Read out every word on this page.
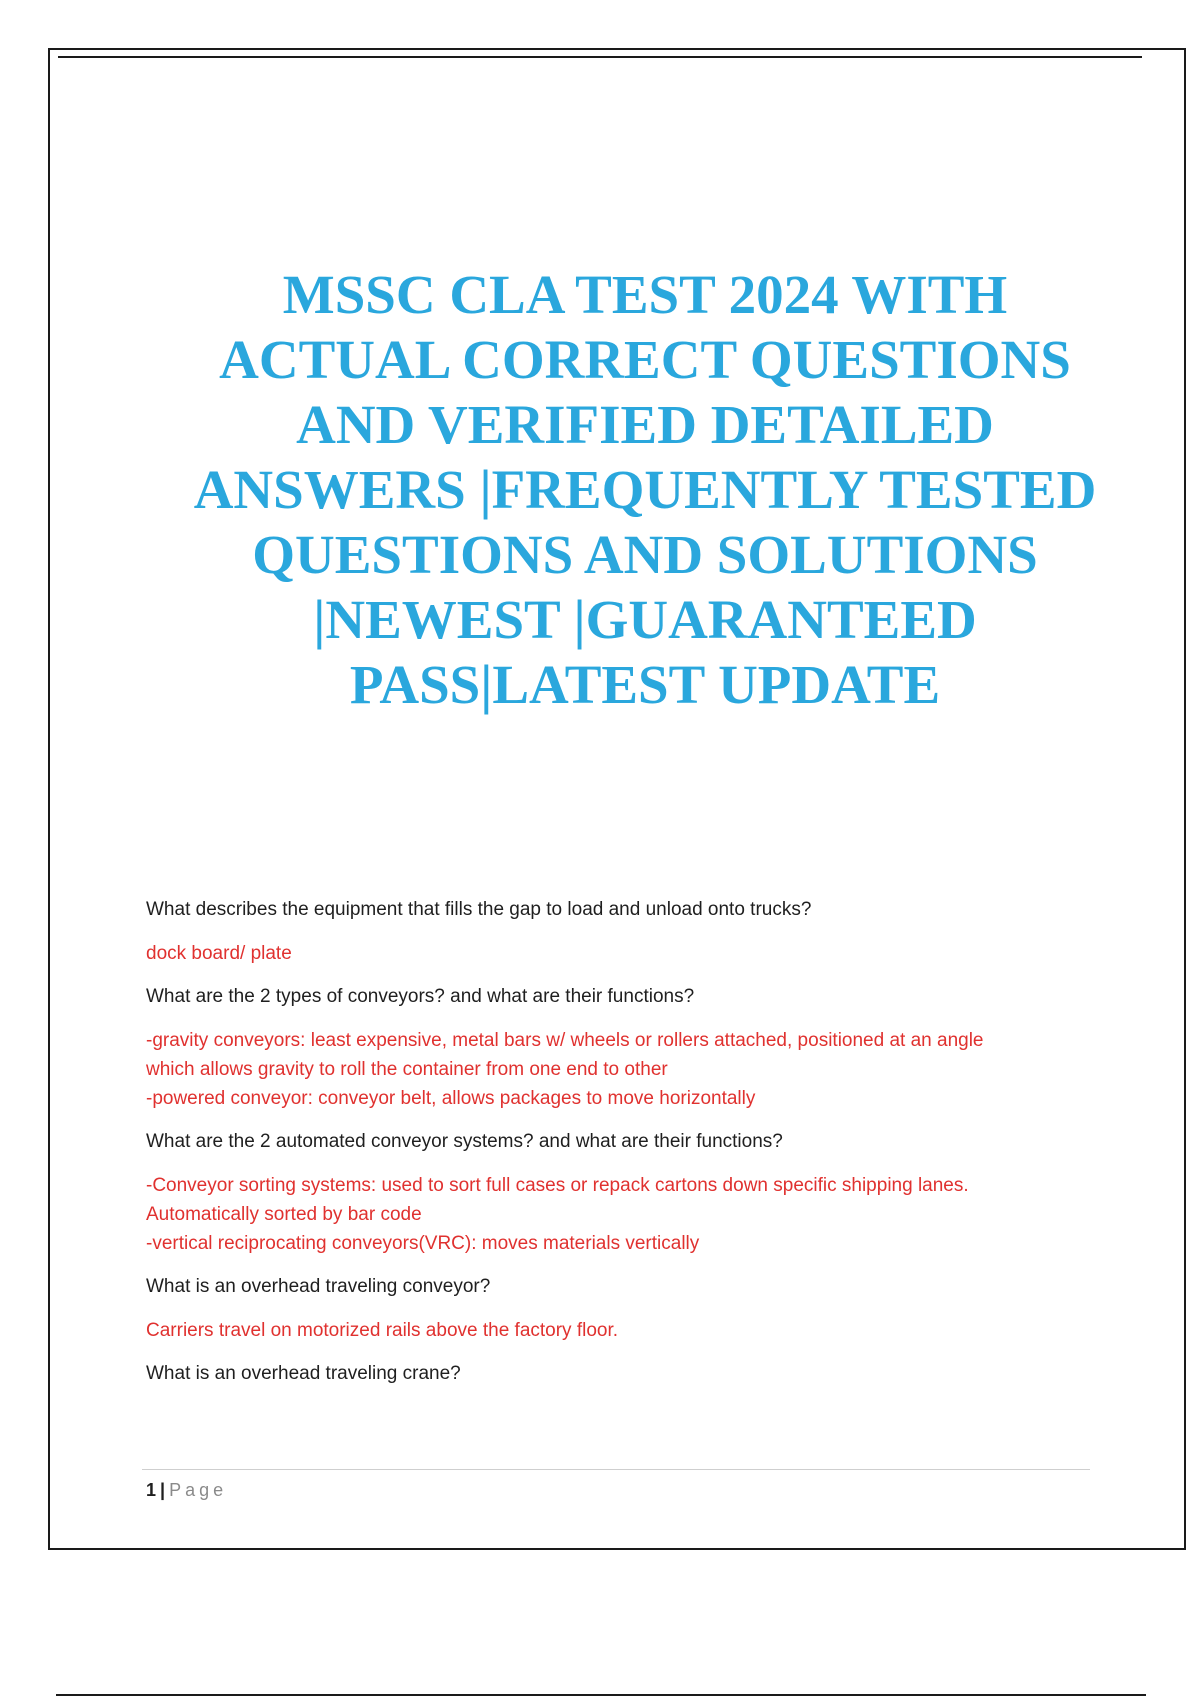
MSSC CLA TEST 2024 WITH
ACTUAL CORRECT QUESTIONS
AND VERIFIED DETAILED
ANSWERS |FREQUENTLY TESTED
QUESTIONS AND SOLUTIONS
|NEWEST |GUARANTEED
PASS|LATEST UPDATE

What describes the equipment that fills the gap to load and unload onto trucks?

dock board/ plate

What are the 2 types of conveyors? and what are their functions?

-gravity conveyors: least expensive, metal bars w/ wheels or rollers attached, positioned at an angle
which allows gravity to roll the container from one end to other
-powered conveyor: conveyor belt, allows packages to move horizontally

What are the 2 automated conveyor systems? and what are their functions?

-Conveyor sorting systems: used to sort full cases or repack cartons down specific shipping lanes.
Automatically sorted by bar code
-vertical reciprocating conveyors(VRC): moves materials vertically

What is an overhead traveling conveyor?

Carriers travel on motorized rails above the factory floor.

What is an overhead traveling crane?

1 | Page
